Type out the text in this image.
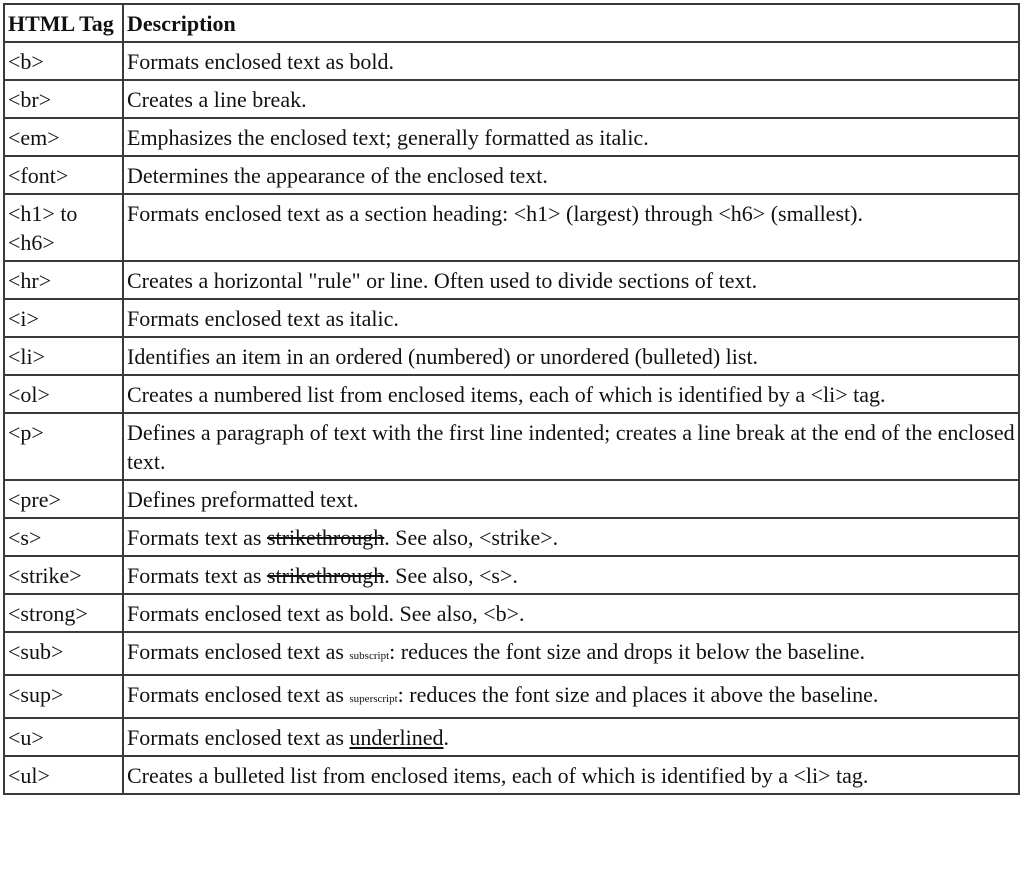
HTML Tag	Description
<b>	Formats enclosed text as bold.
<br>	Creates a line break.
<em>	Emphasizes the enclosed text; generally formatted as italic.
<font>	Determines the appearance of the enclosed text.
<h1> to <h6>	Formats enclosed text as a section heading: <h1> (largest) through <h6> (smallest).
<hr>	Creates a horizontal "rule" or line. Often used to divide sections of text.
<i>	Formats enclosed text as italic.
<li>	Identifies an item in an ordered (numbered) or unordered (bulleted) list.
<ol>	Creates a numbered list from enclosed items, each of which is identified by a <li> tag.
<p>	Defines a paragraph of text with the first line indented; creates a line break at the end of the enclosed text.
<pre>	Defines preformatted text.
<s>	Formats text as strikethrough. See also, <strike>.
<strike>	Formats text as strikethrough. See also, <s>.
<strong>	Formats enclosed text as bold. See also, <b>.
<sub>	Formats enclosed text as subscript: reduces the font size and drops it below the baseline.
<sup>	Formats enclosed text as superscript: reduces the font size and places it above the baseline.
<u>	Formats enclosed text as underlined.
<ul>	Creates a bulleted list from enclosed items, each of which is identified by a <li> tag.
